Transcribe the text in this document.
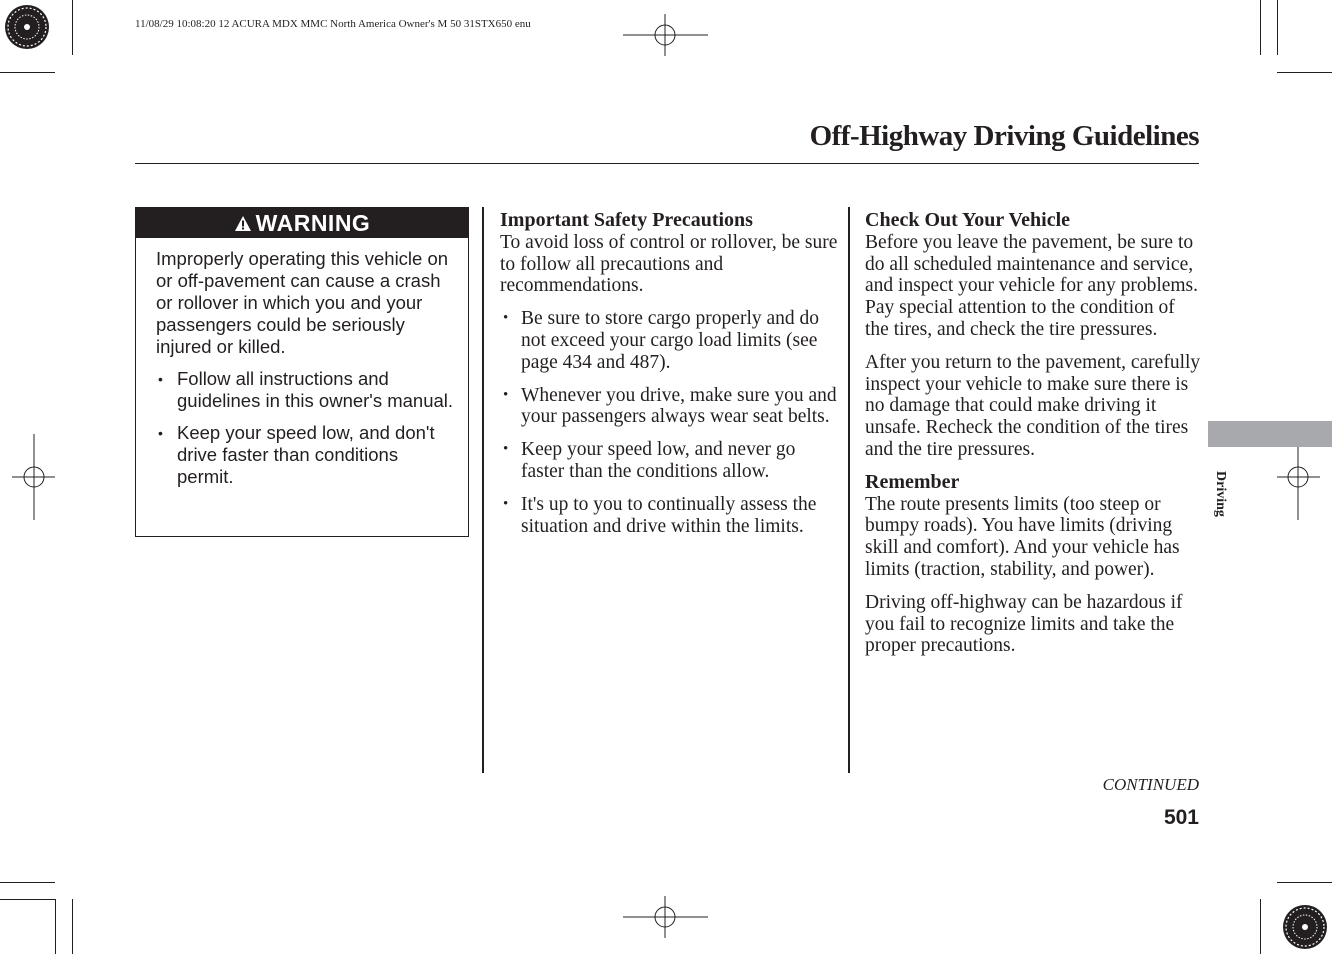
11/08/29 10:08:20 12 ACURA MDX MMC North America Owner's M 50 31STX650 enu
Off-Highway Driving Guidelines
Driving
WARNING

Improperly operating this vehicle on or off-pavement can cause a crash or rollover in which you and your passengers could be seriously injured or killed.

• Follow all instructions and guidelines in this owner's manual.
• Keep your speed low, and don't drive faster than conditions permit.
Important Safety Precautions

To avoid loss of control or rollover, be sure to follow all precautions and recommendations.

• Be sure to store cargo properly and do not exceed your cargo load limits (see page 434 and 487).
• Whenever you drive, make sure you and your passengers always wear seat belts.
• Keep your speed low, and never go faster than the conditions allow.
• It's up to you to continually assess the situation and drive within the limits.
Check Out Your Vehicle

Before you leave the pavement, be sure to do all scheduled maintenance and service, and inspect your vehicle for any problems. Pay special attention to the condition of the tires, and check the tire pressures.

After you return to the pavement, carefully inspect your vehicle to make sure there is no damage that could make driving it unsafe. Recheck the condition of the tires and the tire pressures.

Remember

The route presents limits (too steep or bumpy roads). You have limits (driving skill and comfort). And your vehicle has limits (traction, stability, and power).

Driving off-highway can be hazardous if you fail to recognize limits and take the proper precautions.

CONTINUED
501
